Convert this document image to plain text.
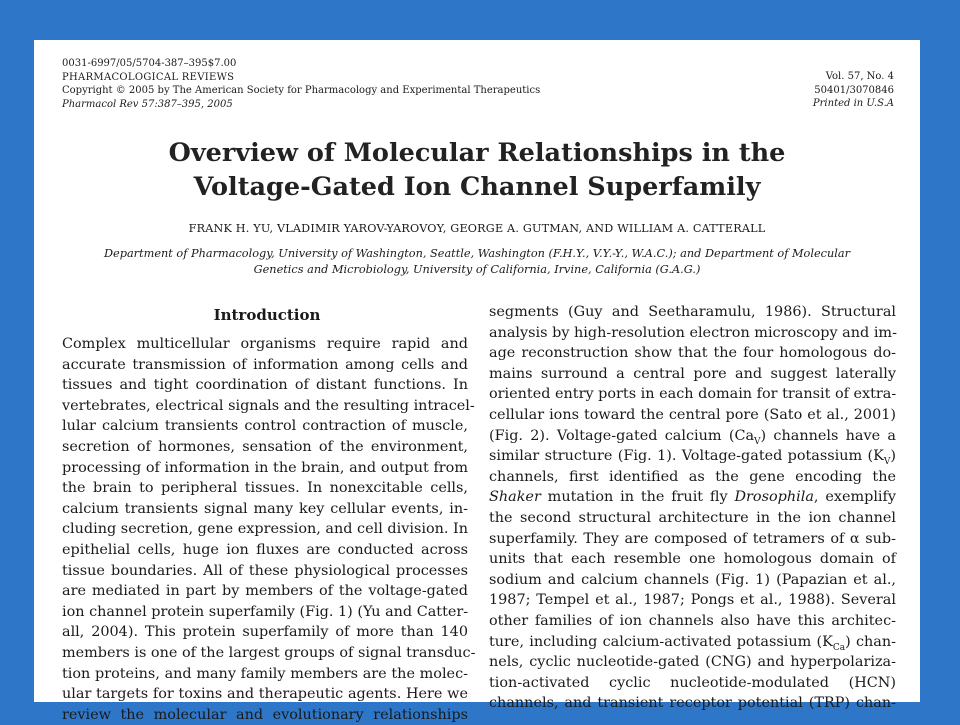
0031-6997/05/5704-387–395$7.00
PHARMACOLOGICAL REVIEWS
Copyright © 2005 by The American Society for Pharmacology and Experimental Therapeutics
Pharmacol Rev 57:387–395, 2005
Vol. 57, No. 4
50401/3070846
Printed in U.S.A
Overview of Molecular Relationships in the
Voltage-Gated Ion Channel Superfamily
FRANK H. YU, VLADIMIR YAROV-YAROVOY, GEORGE A. GUTMAN, AND WILLIAM A. CATTERALL
Department of Pharmacology, University of Washington, Seattle, Washington (F.H.Y., V.Y.-Y., W.A.C.); and Department of Molecular
Genetics and Microbiology, University of California, Irvine, California (G.A.G.)
Introduction
Complex multicellular organisms require rapid and
accurate transmission of information among cells and
tissues and tight coordination of distant functions. In
vertebrates, electrical signals and the resulting intracel-
lular calcium transients control contraction of muscle,
secretion of hormones, sensation of the environment,
processing of information in the brain, and output from
the brain to peripheral tissues. In nonexcitable cells,
calcium transients signal many key cellular events, in-
cluding secretion, gene expression, and cell division. In
epithelial cells, huge ion fluxes are conducted across
tissue boundaries. All of these physiological processes
are mediated in part by members of the voltage-gated
ion channel protein superfamily (Fig. 1) (Yu and Catter-
all, 2004). This protein superfamily of more than 140
members is one of the largest groups of signal transduc-
tion proteins, and many family members are the molec-
ular targets for toxins and therapeutic agents. Here we
review the molecular and evolutionary relationships
segments (Guy and Seetharamulu, 1986). Structural
analysis by high-resolution electron microscopy and im-
age reconstruction show that the four homologous do-
mains surround a central pore and suggest laterally
oriented entry ports in each domain for transit of extra-
cellular ions toward the central pore (Sato et al., 2001)
(Fig. 2). Voltage-gated calcium $(Ca_V)$ channels have a
similar structure (Fig. 1). Voltage-gated potassium $(K_V)$
channels, first identified as the gene encoding the
Shaker mutation in the fruit fly Drosophila, exemplify
the second structural architecture in the ion channel
superfamily. They are composed of tetramers of α sub-
units that each resemble one homologous domain of
sodium and calcium channels (Fig. 1) (Papazian et al.,
1987; Tempel et al., 1987; Pongs et al., 1988). Several
other families of ion channels also have this architec-
ture, including calcium-activated potassium $(K_{Ca})$ chan-
nels, cyclic nucleotide-gated (CNG) and hyperpolariza-
tion-activated cyclic nucleotide-modulated (HCN)
channels, and transient receptor potential (TRP) chan-
